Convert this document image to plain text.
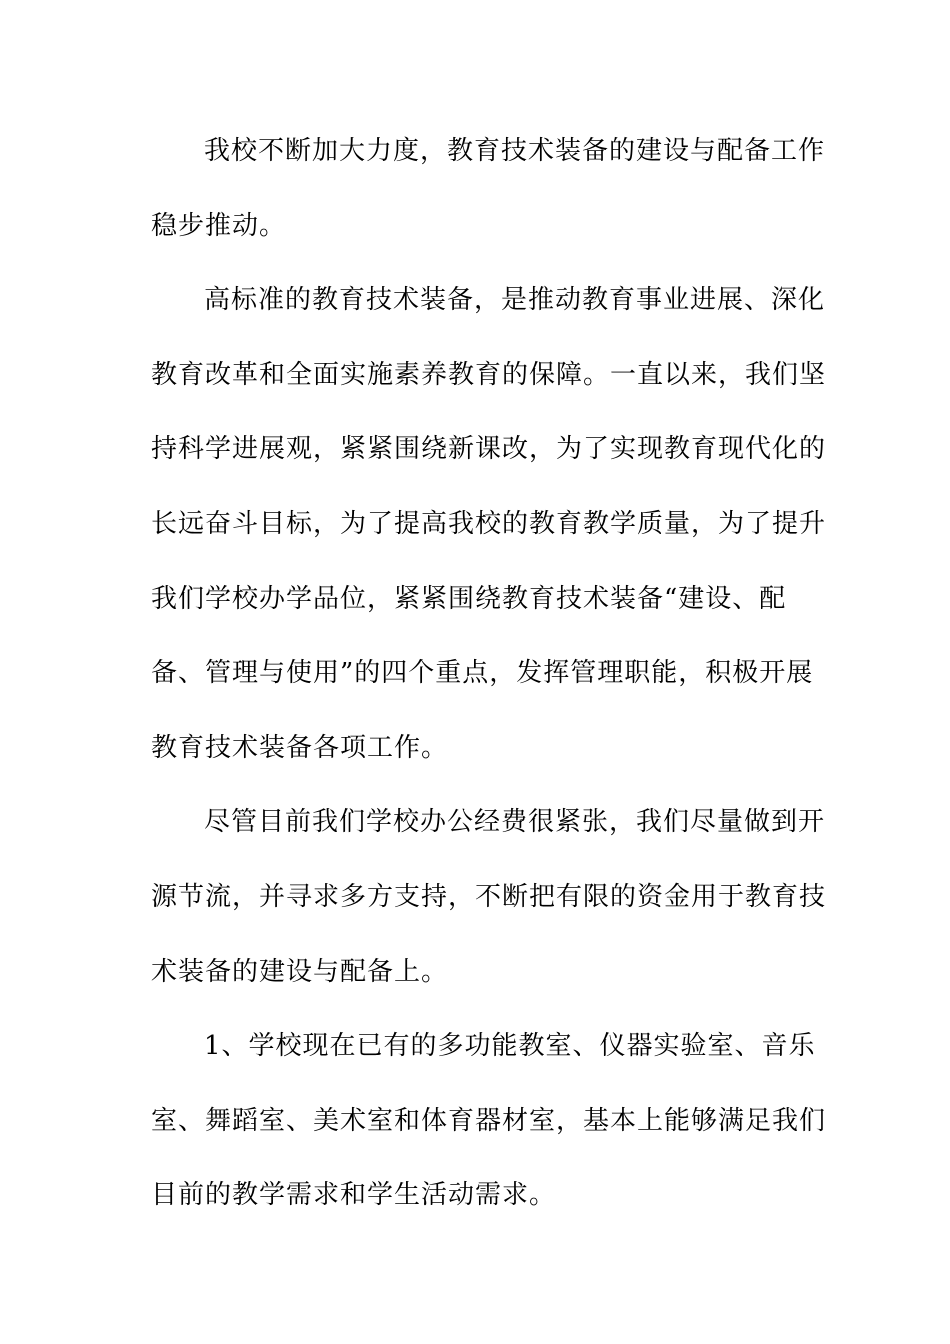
我校不断加大力度，教育技术装备的建设与配备工作
稳步推动。
高标准的教育技术装备，是推动教育事业进展、深化
教育改革和全面实施素养教育的保障。一直以来，我们坚
持科学进展观，紧紧围绕新课改，为了实现教育现代化的
长远奋斗目标，为了提高我校的教育教学质量，为了提升
我们学校办学品位，紧紧围绕教育技术装备“建设、配
备、管理与使用”的四个重点，发挥管理职能，积极开展
教育技术装备各项工作。
尽管目前我们学校办公经费很紧张，我们尽量做到开
源节流，并寻求多方支持，不断把有限的资金用于教育技
术装备的建设与配备上。
1、学校现在已有的多功能教室、仪器实验室、音乐
室、舞蹈室、美术室和体育器材室，基本上能够满足我们
目前的教学需求和学生活动需求。
